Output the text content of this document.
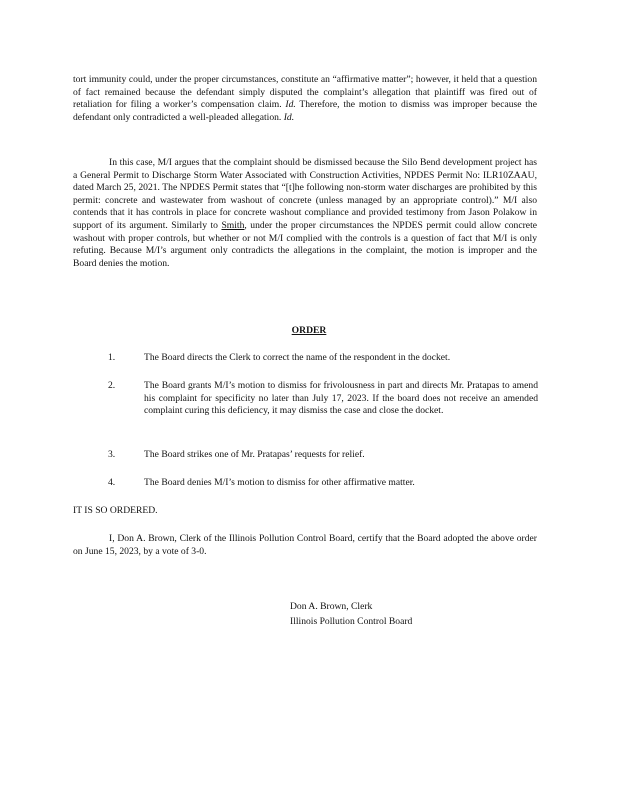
tort immunity could, under the proper circumstances, constitute an “affirmative matter”; however, it held that a question of fact remained because the defendant simply disputed the complaint’s allegation that plaintiff was fired out of retaliation for filing a worker’s compensation claim. Id. Therefore, the motion to dismiss was improper because the defendant only contradicted a well-pleaded allegation. Id.

In this case, M/I argues that the complaint should be dismissed because the Silo Bend development project has a General Permit to Discharge Storm Water Associated with Construction Activities, NPDES Permit No: ILR10ZAAU, dated March 25, 2021. The NPDES Permit states that “[t]he following non-storm water discharges are prohibited by this permit: concrete and wastewater from washout of concrete (unless managed by an appropriate control).” M/I also contends that it has controls in place for concrete washout compliance and provided testimony from Jason Polakow in support of its argument. Similarly to Smith, under the proper circumstances the NPDES permit could allow concrete washout with proper controls, but whether or not M/I complied with the controls is a question of fact that M/I is only refuting. Because M/I’s argument only contradicts the allegations in the complaint, the motion is improper and the Board denies the motion.

ORDER
1.	The Board directs the Clerk to correct the name of the respondent in the docket.
2.	The Board grants M/I’s motion to dismiss for frivolousness in part and directs Mr. Pratapas to amend his complaint for specificity no later than July 17, 2023. If the board does not receive an amended complaint curing this deficiency, it may dismiss the case and close the docket.
3.	The Board strikes one of Mr. Pratapas’ requests for relief.
4.	The Board denies M/I’s motion to dismiss for other affirmative matter.
IT IS SO ORDERED.

I, Don A. Brown, Clerk of the Illinois Pollution Control Board, certify that the Board adopted the above order on June 15, 2023, by a vote of 3-0.

Don A. Brown, Clerk
Illinois Pollution Control Board
